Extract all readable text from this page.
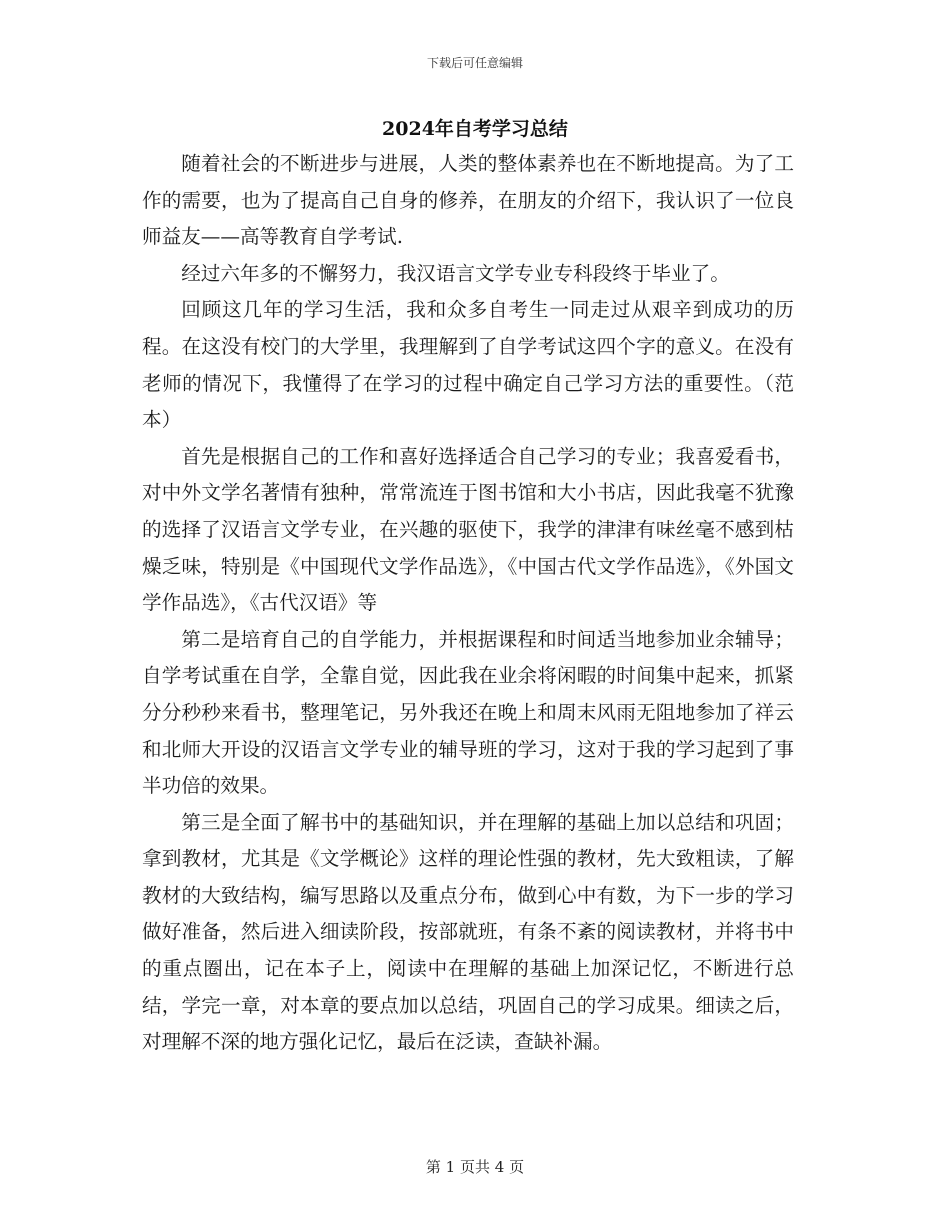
下载后可任意编辑
2024年自考学习总结

随着社会的不断进步与进展，人类的整体素养也在不断地提高。为了工作的需要，也为了提高自己自身的修养，在朋友的介绍下，我认识了一位良师益友——高等教育自学考试.

经过六年多的不懈努力，我汉语言文学专业专科段终于毕业了。

回顾这几年的学习生活，我和众多自考生一同走过从艰辛到成功的历程。在这没有校门的大学里，我理解到了自学考试这四个字的意义。在没有老师的情况下，我懂得了在学习的过程中确定自己学习方法的重要性。（范本）

首先是根据自己的工作和喜好选择适合自己学习的专业；我喜爱看书，对中外文学名著情有独种，常常流连于图书馆和大小书店，因此我毫不犹豫的选择了汉语言文学专业，在兴趣的驱使下，我学的津津有味丝毫不感到枯燥乏味，特别是《中国现代文学作品选》，《中国古代文学作品选》，《外国文学作品选》，《古代汉语》等

第二是培育自己的自学能力，并根据课程和时间适当地参加业余辅导；自学考试重在自学，全靠自觉，因此我在业余将闲暇的时间集中起来，抓紧分分秒秒来看书，整理笔记，另外我还在晚上和周末风雨无阻地参加了祥云和北师大开设的汉语言文学专业的辅导班的学习，这对于我的学习起到了事半功倍的效果。

第三是全面了解书中的基础知识，并在理解的基础上加以总结和巩固；拿到教材，尤其是《文学概论》这样的理论性强的教材，先大致粗读，了解教材的大致结构，编写思路以及重点分布，做到心中有数，为下一步的学习做好准备，然后进入细读阶段，按部就班，有条不紊的阅读教材，并将书中的重点圈出，记在本子上，阅读中在理解的基础上加深记忆，不断进行总结，学完一章，对本章的要点加以总结，巩固自己的学习成果。细读之后，对理解不深的地方强化记忆，最后在泛读，查缺补漏。

第 1 页共 4 页
